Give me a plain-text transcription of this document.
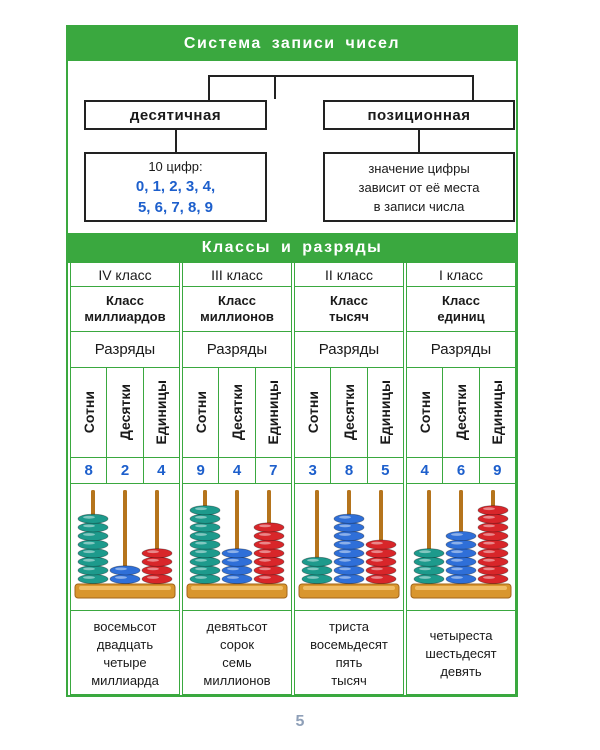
Система записи чисел
десятичная	позиционная
10 цифр:
0, 1, 2, 3, 4,
5, 6, 7, 8, 9
значение цифры
зависит от её места
в записи числа
Классы и разряды
IV класс
Класс
миллиардов
Разряды
Сотни Десятки Единицы
8	2	4
восемьсот
двадцать
четыре
миллиарда
III класс
Класс
миллионов
Разряды
Сотни Десятки Единицы
9	4	7
девятьсот
сорок
семь
миллионов
II класс
Класс
тысяч
Разряды
Сотни Десятки Единицы
3	8	5
триста
восемьдесят
пять
тысяч
I класс
Класс
единиц
Разряды
Сотни Десятки Единицы
4	6	9
четыреста
шестьдесят
девять
5
